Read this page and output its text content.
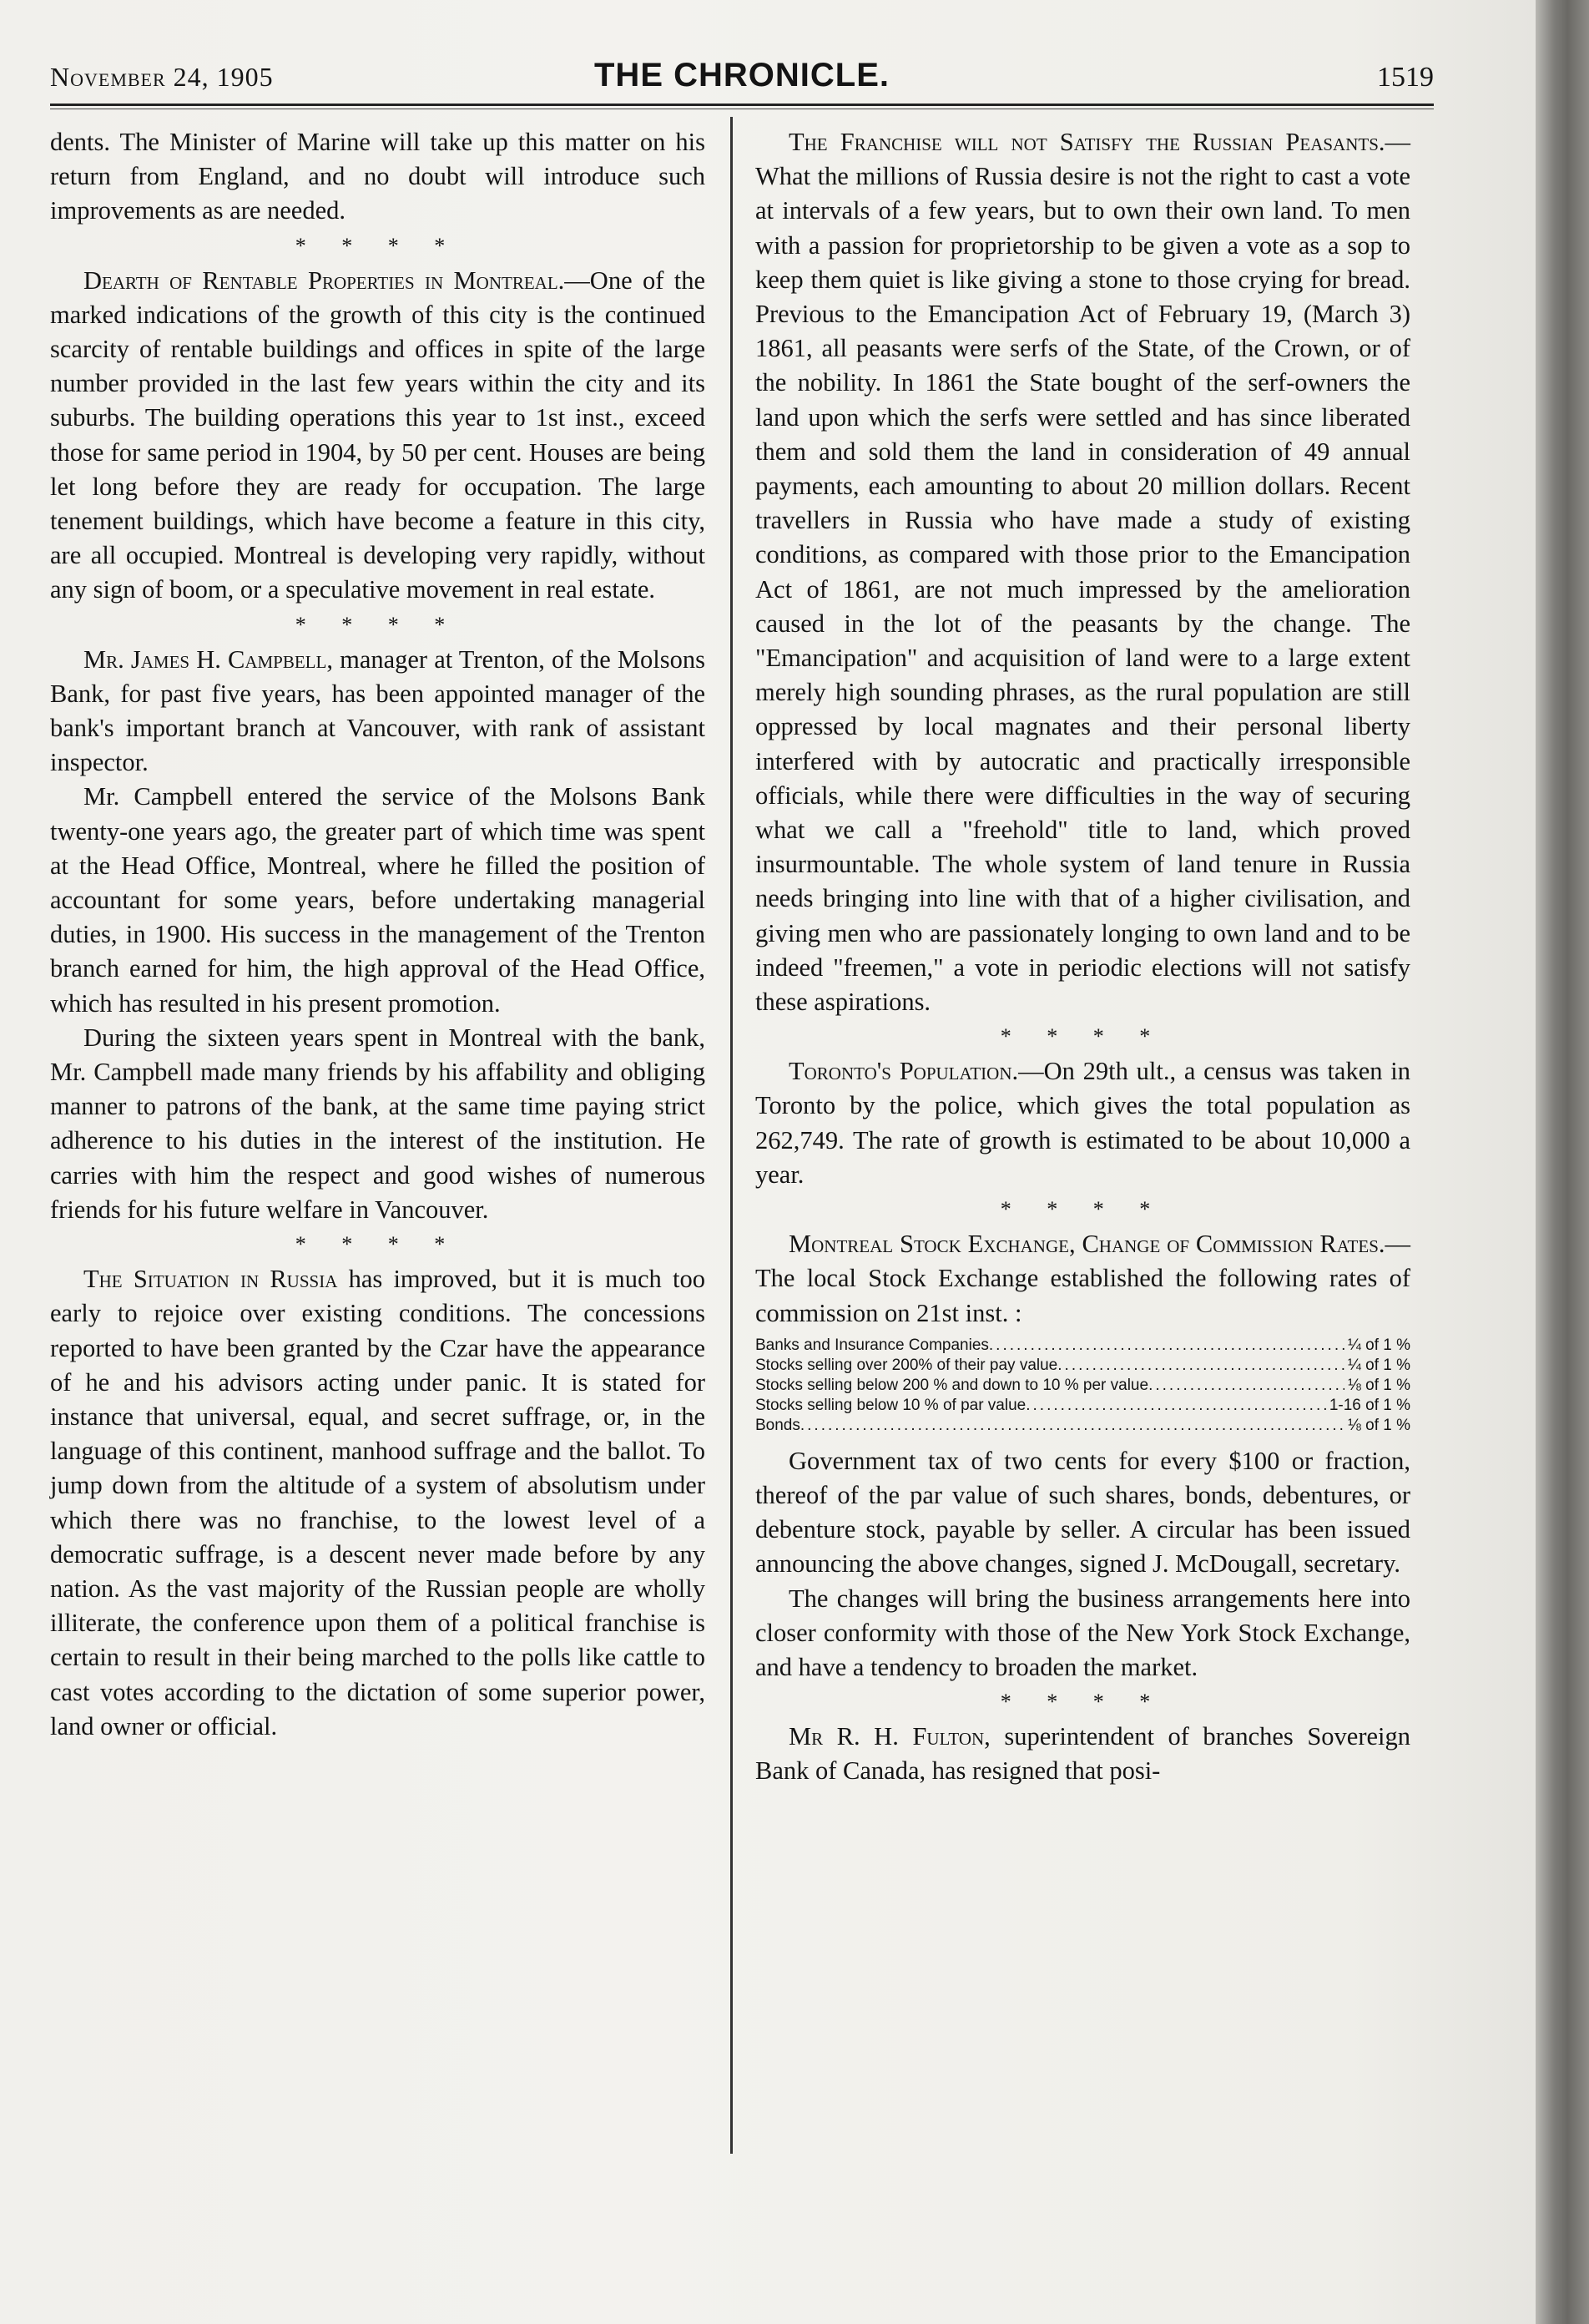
November 24, 1905	THE CHRONICLE.	1519

dents. The Minister of Marine will take up this matter on his return from England, and no doubt will introduce such improvements as are needed.

* * * *

Dearth of Rentable Properties in Montreal.—One of the marked indications of the growth of this city is the continued scarcity of rentable buildings and offices in spite of the large number provided in the last few years within the city and its suburbs. The building operations this year to 1st inst., exceed those for same period in 1904, by 50 per cent. Houses are being let long before they are ready for occupation. The large tenement buildings, which have become a feature in this city, are all occupied. Montreal is developing very rapidly, without any sign of boom, or a speculative movement in real estate.

* * * *

Mr. James H. Campbell, manager at Trenton, of the Molsons Bank, for past five years, has been appointed manager of the bank's important branch at Vancouver, with rank of assistant inspector.

Mr. Campbell entered the service of the Molsons Bank twenty-one years ago, the greater part of which time was spent at the Head Office, Montreal, where he filled the position of accountant for some years, before undertaking managerial duties, in 1900. His success in the management of the Trenton branch earned for him, the high approval of the Head Office, which has resulted in his present promotion.

During the sixteen years spent in Montreal with the bank, Mr. Campbell made many friends by his affability and obliging manner to patrons of the bank, at the same time paying strict adherence to his duties in the interest of the institution. He carries with him the respect and good wishes of numerous friends for his future welfare in Vancouver.

* * * *

The Situation in Russia has improved, but it is much too early to rejoice over existing conditions. The concessions reported to have been granted by the Czar have the appearance of he and his advisors acting under panic. It is stated for instance that universal, equal, and secret suffrage, or, in the language of this continent, manhood suffrage and the ballot. To jump down from the altitude of a system of absolutism under which there was no franchise, to the lowest level of a democratic suffrage, is a descent never made before by any nation. As the vast majority of the Russian people are wholly illiterate, the conference upon them of a political franchise is certain to result in their being marched to the polls like cattle to cast votes according to the dictation of some superior power, land owner or official.

The Franchise will not Satisfy the Russian Peasants.—What the millions of Russia desire is not the right to cast a vote at intervals of a few years, but to own their own land. To men with a passion for proprietorship to be given a vote as a sop to keep them quiet is like giving a stone to those crying for bread. Previous to the Emancipation Act of February 19, (March 3) 1861, all peasants were serfs of the State, of the Crown, or of the nobility. In 1861 the State bought of the serf-owners the land upon which the serfs were settled and has since liberated them and sold them the land in consideration of 49 annual payments, each amounting to about 20 million dollars. Recent travellers in Russia who have made a study of existing conditions, as compared with those prior to the Emancipation Act of 1861, are not much impressed by the amelioration caused in the lot of the peasants by the change. The "Emancipation" and acquisition of land were to a large extent merely high sounding phrases, as the rural population are still oppressed by local magnates and their personal liberty interfered with by autocratic and practically irresponsible officials, while there were difficulties in the way of securing what we call a "freehold" title to land, which proved insurmountable. The whole system of land tenure in Russia needs bringing into line with that of a higher civilisation, and giving men who are passionately longing to own land and to be indeed "freemen," a vote in periodic elections will not satisfy these aspirations.

* * * *

Toronto's Population.—On 29th ult., a census was taken in Toronto by the police, which gives the total population as 262,749. The rate of growth is estimated to be about 10,000 a year.

* * * *

Montreal Stock Exchange, Change of Commission Rates.—The local Stock Exchange established the following rates of commission on 21st inst. :

Banks and Insurance Companies .....	¼ of 1 %
Stocks selling over 200% of their pay value .....	¼ of 1 %
Stocks selling below 200 % and down to 10 % per value .....	⅛ of 1 %
Stocks selling below 10 % of par value .....	1-16 of 1 %
Bonds .....	⅛ of 1 %

Government tax of two cents for every $100 or fraction, thereof of the par value of such shares, bonds, debentures, or debenture stock, payable by seller. A circular has been issued announcing the above changes, signed J. McDougall, secretary.

The changes will bring the business arrangements here into closer conformity with those of the New York Stock Exchange, and have a tendency to broaden the market.

* * * *

Mr R. H. Fulton, superintendent of branches Sovereign Bank of Canada, has resigned that posi-
